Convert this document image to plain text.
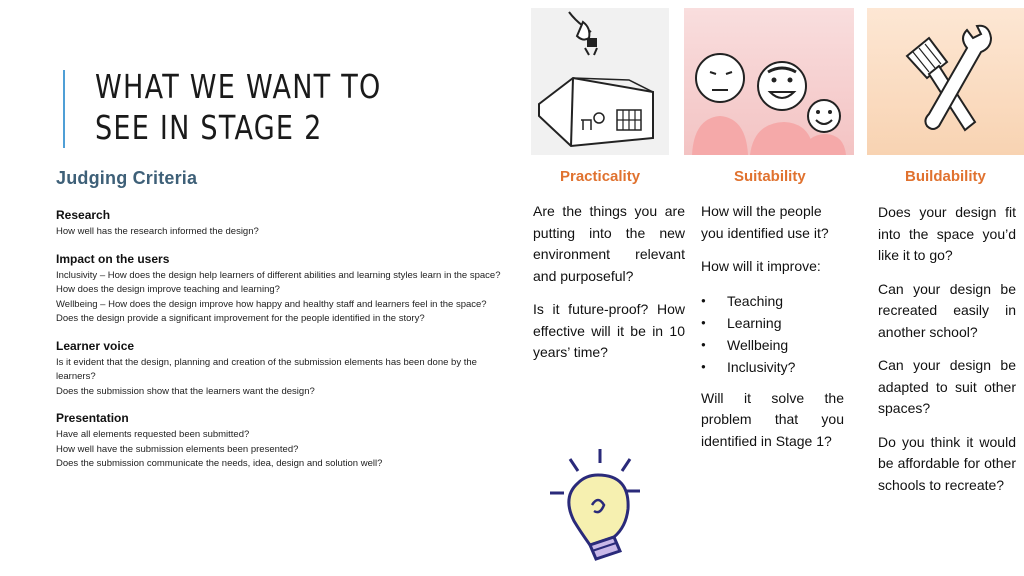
WHAT WE WANT TO SEE IN STAGE 2
Judging Criteria
Research

How well has the research informed the design?

Impact on the users

Inclusivity – How does the design help learners of different abilities and learning styles learn in the space?

How does the design improve teaching and learning?

Wellbeing – How does the design improve how happy and healthy staff and learners feel in the space?

Does the design provide a significant improvement for the people identified in the story?

Learner voice

Is it evident that the design, planning and creation of the submission elements has been done by the learners?

Does the submission show that the learners want the design?

Presentation

Have all elements requested been submitted?

How well have the submission elements been presented?

Does the submission communicate the needs, idea, design and solution well?

Practicality	Suitability	Buildability

Are the things you are putting into the new environment relevant and purposeful?

Is it future-proof? How effective will it be in 10 years’ time?

How will the people you identified use it?

How will it improve:

● Teaching
● Learning
● Wellbeing
● Inclusivity?

Will it solve the problem that you identified in Stage 1?

Does your design fit into the space you’d like it to go?

Can your design be recreated easily in another school?

Can your design be adapted to suit other spaces?

Do you think it would be affordable for other schools to recreate?
